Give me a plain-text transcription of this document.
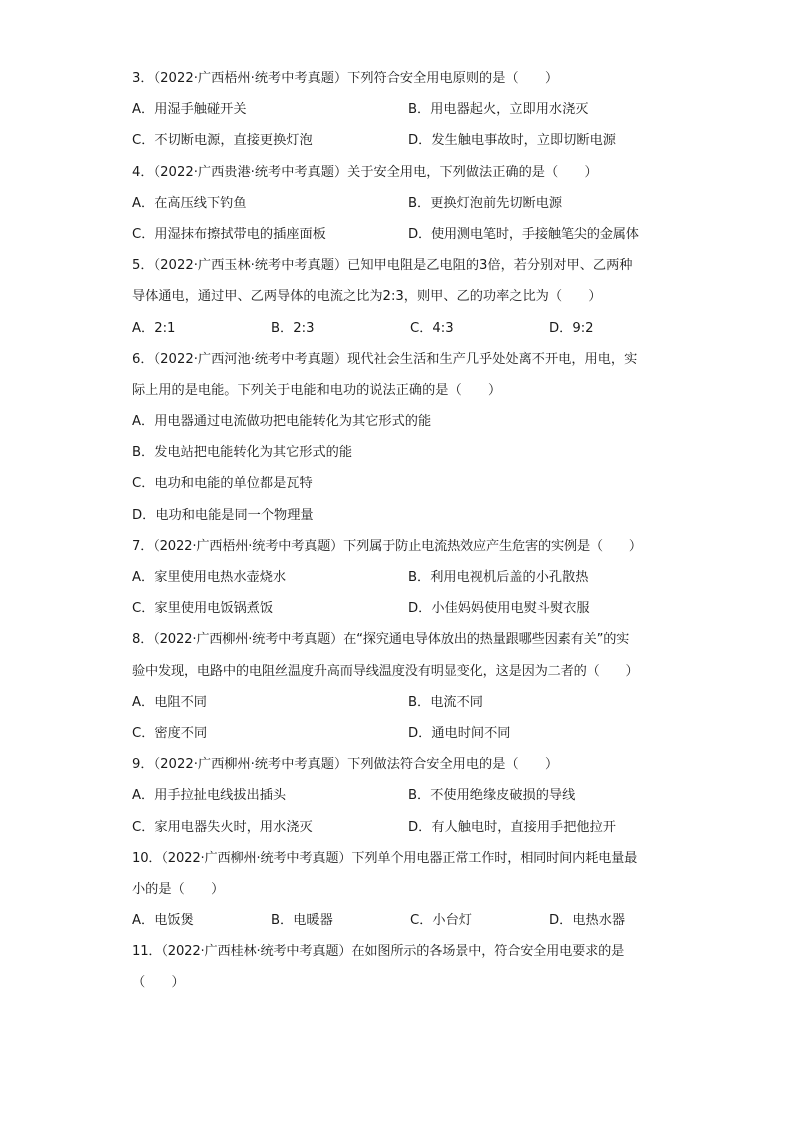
3．（2022·广西梧州·统考中考真题）下列符合安全用电原则的是（　　）
A．用湿手触碰开关	B．用电器起火，立即用水浇灭
C．不切断电源，直接更换灯泡	D．发生触电事故时，立即切断电源
4．（2022·广西贵港·统考中考真题）关于安全用电，下列做法正确的是（　　）
A．在高压线下钓鱼	B．更换灯泡前先切断电源
C．用湿抹布擦拭带电的插座面板	D．使用测电笔时，手接触笔尖的金属体
5．（2022·广西玉林·统考中考真题）已知甲电阻是乙电阻的3倍，若分别对甲、乙两种
导体通电，通过甲、乙两导体的电流之比为2:3，则甲、乙的功率之比为（　　）
A．2:1	B．2:3	C．4:3	D．9:2
6．（2022·广西河池·统考中考真题）现代社会生活和生产几乎处处离不开电，用电，实
际上用的是电能。下列关于电能和电功的说法正确的是（　　）
A．用电器通过电流做功把电能转化为其它形式的能
B．发电站把电能转化为其它形式的能
C．电功和电能的单位都是瓦特
D．电功和电能是同一个物理量
7．（2022·广西梧州·统考中考真题）下列属于防止电流热效应产生危害的实例是（　　）
A．家里使用电热水壶烧水	B．利用电视机后盖的小孔散热
C．家里使用电饭锅煮饭	D．小佳妈妈使用电熨斗熨衣服
8．（2022·广西柳州·统考中考真题）在“探究通电导体放出的热量跟哪些因素有关”的实
验中发现，电路中的电阻丝温度升高而导线温度没有明显变化，这是因为二者的（　　）
A．电阻不同	B．电流不同
C．密度不同	D．通电时间不同
9．（2022·广西柳州·统考中考真题）下列做法符合安全用电的是（　　）
A．用手拉扯电线拔出插头	B．不使用绝缘皮破损的导线
C．家用电器失火时，用水浇灭	D．有人触电时，直接用手把他拉开
10．（2022·广西柳州·统考中考真题）下列单个用电器正常工作时，相同时间内耗电量最
小的是（　　）
A．电饭煲	B．电暖器	C．小台灯	D．电热水器
11．（2022·广西桂林·统考中考真题）在如图所示的各场景中，符合安全用电要求的是
（　　）
